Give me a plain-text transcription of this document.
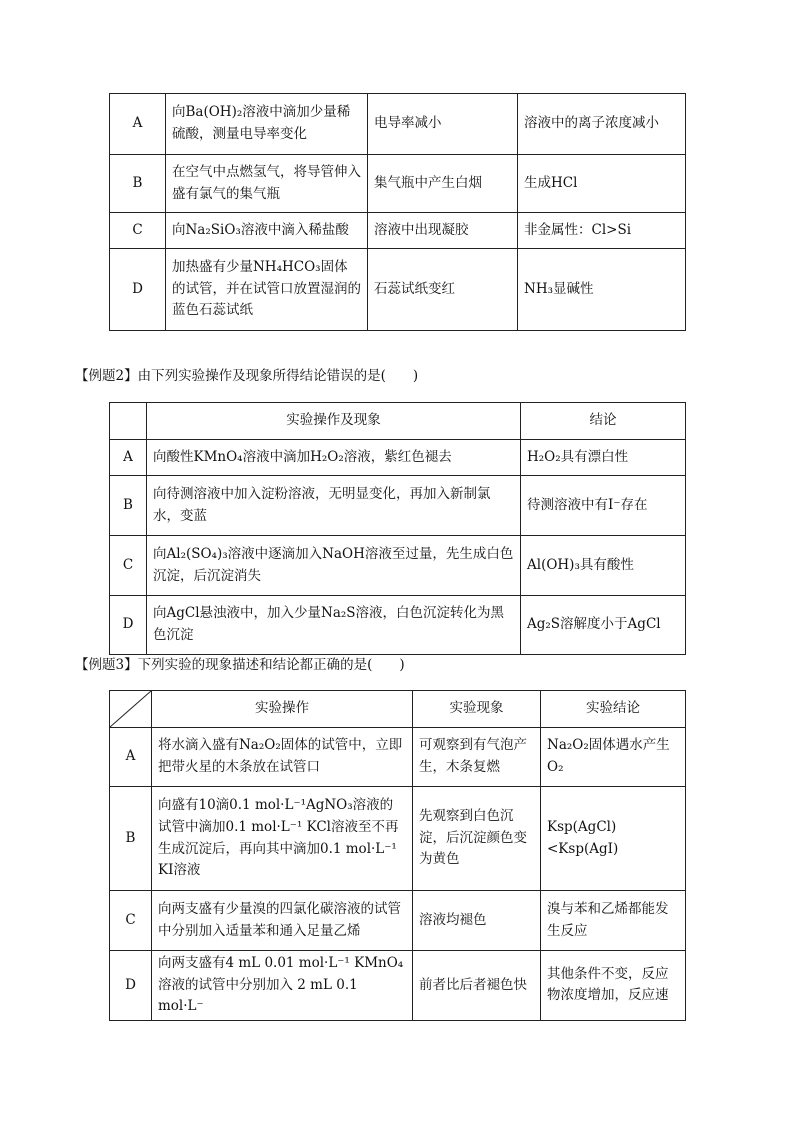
A	向Ba(OH)₂溶液中滴加少量稀硫酸，测量电导率变化	电导率减小	溶液中的离子浓度减小
B	在空气中点燃氢气，将导管伸入盛有氯气的集气瓶	集气瓶中产生白烟	生成HCl
C	向Na₂SiO₃溶液中滴入稀盐酸	溶液中出现凝胶	非金属性：Cl>Si
D	加热盛有少量NH₄HCO₃固体的试管，并在试管口放置湿润的蓝色石蕊试纸	石蕊试纸变红	NH₃显碱性
【例题2】由下列实验操作及现象所得结论错误的是(　　)
	实验操作及现象	结论
A	向酸性KMnO₄溶液中滴加H₂O₂溶液，紫红色褪去	H₂O₂具有漂白性
B	向待测溶液中加入淀粉溶液，无明显变化，再加入新制氯水，变蓝	待测溶液中有I⁻存在
C	向Al₂(SO₄)₃溶液中逐滴加入NaOH溶液至过量，先生成白色沉淀，后沉淀消失	Al(OH)₃具有酸性
D	向AgCl悬浊液中，加入少量Na₂S溶液，白色沉淀转化为黑色沉淀	Ag₂S溶解度小于AgCl
【例题3】下列实验的现象描述和结论都正确的是(　　)
	实验操作	实验现象	实验结论
A	将水滴入盛有Na₂O₂固体的试管中，立即把带火星的木条放在试管口	可观察到有气泡产生，木条复燃	Na₂O₂固体遇水产生O₂
B	向盛有10滴0.1 mol·L⁻¹AgNO₃溶液的试管中滴加0.1 mol·L⁻¹ KCl溶液至不再生成沉淀后，再向其中滴加0.1 mol·L⁻¹ KI溶液	先观察到白色沉淀，后沉淀颜色变为黄色	Ksp(AgCl) <Ksp(AgI)
C	向两支盛有少量溴的四氯化碳溶液的试管中分别加入适量苯和通入足量乙烯	溶液均褪色	溴与苯和乙烯都能发生反应
D	向两支盛有4 mL 0.01 mol·L⁻¹ KMnO₄溶液的试管中分别加入 2 mL 0.1 mol·L⁻	前者比后者褪色快	其他条件不变，反应物浓度增加，反应速
